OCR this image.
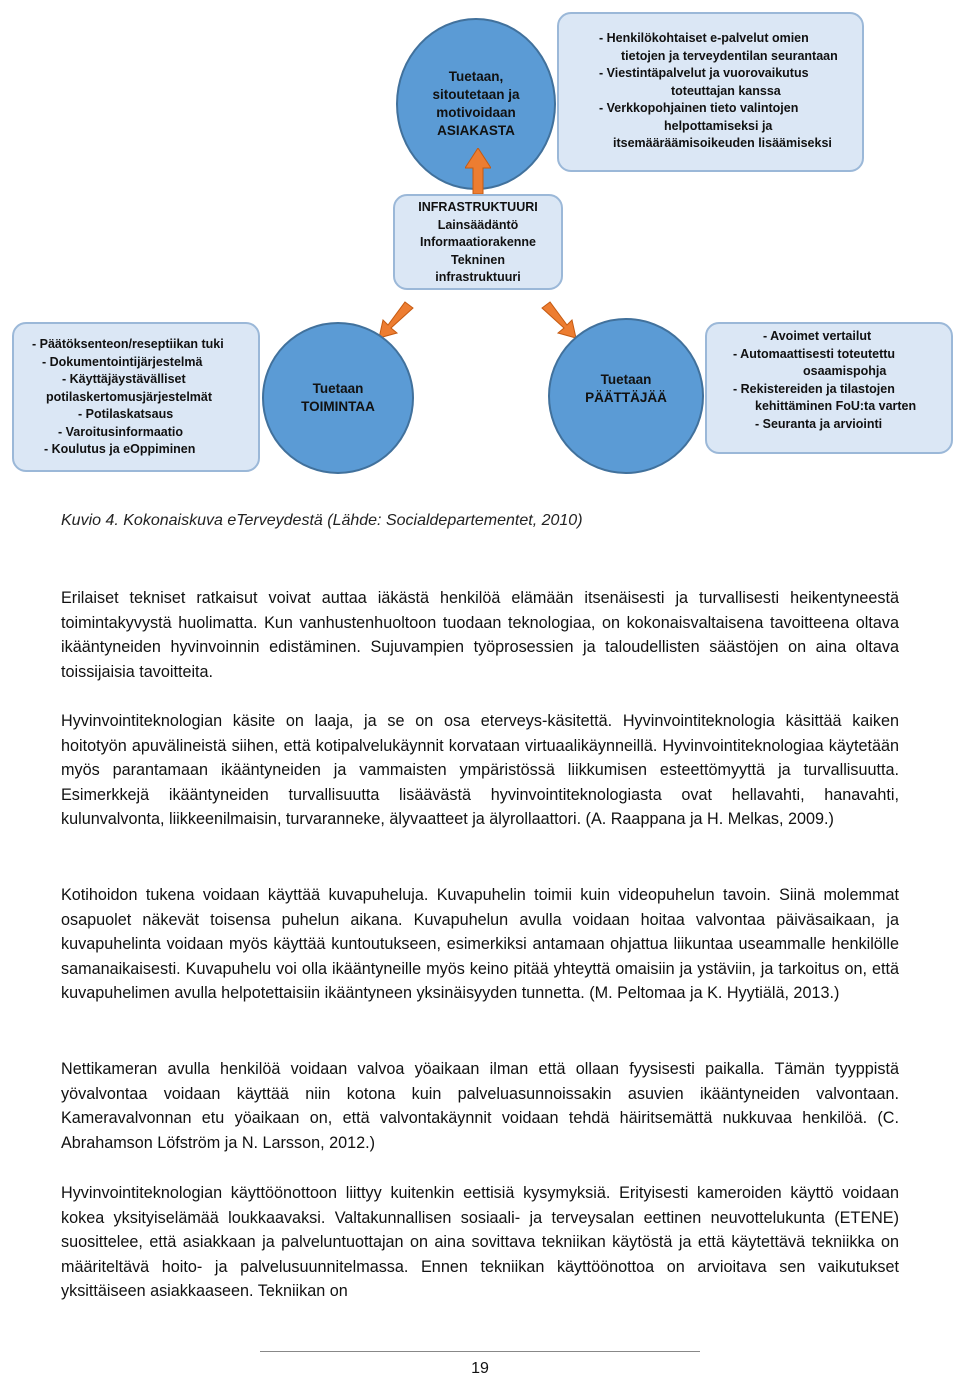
Tuetaan,
sitoutetaan ja
motivoidaan
ASIAKASTA
- Henkilökohtaiset e-palvelut omien
tietojen ja terveydentilan seurantaan
- Viestintäpalvelut ja vuorovaikutus
toteuttajan kanssa
- Verkkopohjainen tieto valintojen
helpottamiseksi ja
itsemääräämisoikeuden lisäämiseksi
INFRASTRUKTUURI
Lainsäädäntö
Informaatiorakenne
Tekninen
infrastruktuuri
- Päätöksenteon/reseptiikan tuki
- Dokumentointijärjestelmä
- Käyttäjäystävälliset
potilaskertomusjärjestelmät
- Potilaskatsaus
- Varoitusinformaatio
- Koulutus ja eOppiminen
Tuetaan
TOIMINTAA
Tuetaan
PÄÄTTÄJÄÄ
- Avoimet vertailut
- Automaattisesti toteutettu
osaamispohja
- Rekistereiden ja tilastojen
kehittäminen FoU:ta varten
- Seuranta ja arviointi
Kuvio 4. Kokonaiskuva eTerveydestä (Lähde: Socialdepartementet, 2010)

Erilaiset tekniset ratkaisut voivat auttaa iäkästä henkilöä elämään itsenäisesti ja turvallisesti heikentyneestä toimintakyvystä huolimatta. Kun vanhustenhuoltoon tuodaan teknologiaa, on kokonaisvaltaisena tavoitteena oltava ikääntyneiden hyvinvoinnin edistäminen. Sujuvampien työprosessien ja taloudellisten säästöjen on aina oltava toissijaisia tavoitteita.

Hyvinvointiteknologian käsite on laaja, ja se on osa eterveys-käsitettä. Hyvinvointiteknologia käsittää kaiken hoitotyön apuvälineistä siihen, että kotipalvelukäynnit korvataan virtuaalikäynneillä. Hyvinvointiteknologiaa käytetään myös parantamaan ikääntyneiden ja vammaisten ympäristössä liikkumisen esteettömyyttä ja turvallisuutta. Esimerkkejä ikääntyneiden turvallisuutta lisäävästä hyvinvointiteknologiasta ovat hellavahti, hanavahti, kulunvalvonta, liikkeenilmaisin, turvaranneke, älyvaatteet ja älyrollaattori. (A. Raappana ja H. Melkas, 2009.)

Kotihoidon tukena voidaan käyttää kuvapuheluja. Kuvapuhelin toimii kuin videopuhelun tavoin. Siinä molemmat osapuolet näkevät toisensa puhelun aikana. Kuvapuhelun avulla voidaan hoitaa valvontaa päiväsaikaan, ja kuvapuhelinta voidaan myös käyttää kuntoutukseen, esimerkiksi antamaan ohjattua liikuntaa useammalle henkilölle samanaikaisesti. Kuvapuhelu voi olla ikääntyneille myös keino pitää yhteyttä omaisiin ja ystäviin, ja tarkoitus on, että kuvapuhelimen avulla helpotettaisiin ikääntyneen yksinäisyyden tunnetta. (M. Peltomaa ja K. Hyytiälä, 2013.)

Nettikameran avulla henkilöä voidaan valvoa yöaikaan ilman että ollaan fyysisesti paikalla. Tämän tyyppistä yövalvontaa voidaan käyttää niin kotona kuin palveluasunnoissakin asuvien ikääntyneiden valvontaan. Kameravalvonnan etu yöaikaan on, että valvontakäynnit voidaan tehdä häiritsemättä nukkuvaa henkilöä. (C. Abrahamson Löfström ja N. Larsson, 2012.)

Hyvinvointiteknologian käyttöönottoon liittyy kuitenkin eettisiä kysymyksiä. Erityisesti kameroiden käyttö voidaan kokea yksityiselämää loukkaavaksi. Valtakunnallisen sosiaali- ja terveysalan eettinen neuvottelukunta (ETENE) suosittelee, että asiakkaan ja palveluntuottajan on aina sovittava tekniikan käytöstä ja että käytettävä tekniikka on määriteltävä hoito- ja palvelusuunnitelmassa. Ennen tekniikan käyttöönottoa on arvioitava sen vaikutukset yksittäiseen asiakkaaseen. Tekniikan on

19
